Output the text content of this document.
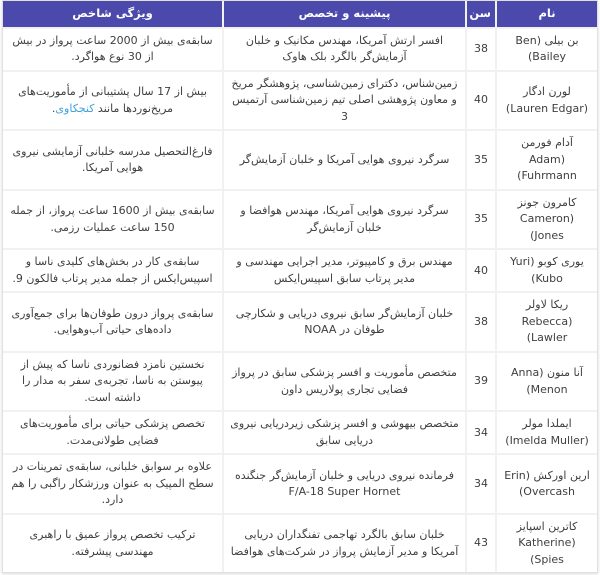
نام	سن	پیشینه و تخصص	ویژگی شاخص
بن بیلی (Ben Bailey)	38	افسر ارتش آمریکا، مهندس مکانیک و خلبان آزمایش‌گر بالگرد بلک هاوک	سابقه‌ی بیش از 2000 ساعت پرواز در بیش از 30 نوع هواگرد.
لورن ادگار (Lauren Edgar)	40	زمین‌شناس، دکترای زمین‌شناسی، پژوهشگر مریخ و معاون پژوهشی اصلی تیم زمین‌شناسی آرتمیس 3	بیش از 17 سال پشتیبانی از مأموریت‌های مریخ‌نوردها مانند کنجکاوی.
آدام فورمن (Adam Fuhrmann)	35	سرگرد نیروی هوایی آمریکا و خلبان آزمایش‌گر	فارغ‌التحصیل مدرسه خلبانی آزمایشی نیروی هوایی آمریکا.
کامرون جونز (Cameron Jones)	35	سرگرد نیروی هوایی آمریکا، مهندس هوافضا و خلبان آزمایش‌گر	سابقه‌ی بیش از 1600 ساعت پرواز، از جمله 150 ساعت عملیات رزمی.
یوری کوبو (Yuri Kubo)	40	مهندس برق و کامپیوتر، مدیر اجرایی مهندسی و مدیر پرتاب سابق اسپیس‌ایکس	سابقه‌ی کار در بخش‌های کلیدی ناسا و اسپیس‌ایکس از جمله مدیر پرتاب فالکون 9.
ریکا لاولر (Rebecca Lawler)	38	خلبان آزمایش‌گر سابق نیروی دریایی و شکارچی طوفان در NOAA	سابقه‌ی پرواز درون طوفان‌ها برای جمع‌آوری داده‌های حیاتی آب‌وهوایی.
آنا منون (Anna Menon)	39	متخصص مأموریت و افسر پزشکی سابق در پرواز فضایی تجاری پولاریس داون	نخستین نامزد فضانوردی ناسا که پیش از پیوستن به ناسا، تجربه‌ی سفر به مدار را داشته است.
ایملدا مولر (Imelda Muller)	34	متخصص بیهوشی و افسر پزشکی زیردریایی نیروی دریایی سابق	تخصص پزشکی حیاتی برای مأموریت‌های فضایی طولانی‌مدت.
ارین اورکش (Erin Overcash)	34	فرمانده نیروی دریایی و خلبان آزمایش‌گر جنگنده F/A-18 Super Hornet	علاوه بر سوابق خلبانی، سابقه‌ی تمرینات در سطح المپیک به عنوان ورزشکار راگبی را هم دارد.
کاترین اسپایز (Katherine Spies)	43	خلبان سابق بالگرد تهاجمی تفنگداران دریایی آمریکا و مدیر آزمایش پرواز در شرکت‌های هوافضا	ترکیب تخصص پرواز عمیق با راهبری مهندسی پیشرفته.
